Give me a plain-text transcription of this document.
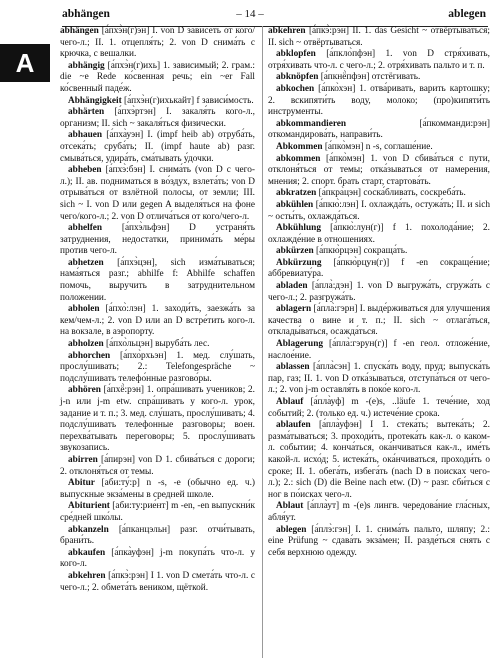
abhängen	– 14 –	ablegen
A
abhängen [а́пхэ̀н(г)эн] I. von D зависеть от кого/чего-л.; II. 1. отцепля́ть; 2. von D снима́ть с крючка, с вешалки.
abhängig [а́пхэ̀н(г)ихь] 1. зависимый; 2. грам.: die ~e Rede ко́свенная речь; ein ~er Fall ко́свенный паде́ж.
Abhängigkeit [а́пхэ̀н(г)ихькайт] f зависи́мость.
abhärten [а́пхэ̀ртэн] I. закаля́ть кого-л., организм; II. sich ~ закаля́ться физически.
abhauen [а́пха̀уэн] I. (impf heib ab) отруба́ть, отсека́ть; сруба́ть; II. (impf haute ab) разг. смыва́ться, удира́ть, сма́тывать у́дочки.
abheben [а́пхэ̀:бэн] I. снима́ть (von D с чего-л.); II. ав. подниматься в во́здух, взлета́ть; von D отрыва́ться от взлётной полосы, от земли; III. sich ~ I. von D или gegen A выделя́ться на фоне чего/кого-л.; 2. von D отлича́ться от кого/чего-л.
abhelfen [а́пхэ̀льфэн] D устраня́ть затруднения, недостатки, принима́ть ме́ры против чего-л.
abhetzen [а́пхэ̀цэн], sich изма́тываться; нама́яться разг.; abhilfe f: Abhilfe schaffen помочь, выручить в затруднительном положении.
abholen [а́пхо̀:лэн] 1. заходи́ть, заезжа́ть за кем/чем-л.; 2. von D или an D встре́тить кого-л. на вокзале, в аэропорту.
abholzen [а́пхо̀льцэн] выруба́ть лес.
abhorchen [а́пхо̀рхьэн] 1. мед. слу́шать, прослу́шивать; 2.: Telefongespräche ~ подслу́шивать телефо́нные разгово́ры.
abhören [а́пхё̀:рэн] 1. опра́шивать учеников; 2. j-n или j-m etw. спра́шивать у кого-л. урок, задание и т. п.; 3. мед. слу́шать, прослу́шивать; 4. подслу́шивать телефонные разговоры; воен. перехва́тывать переговоры; 5. прослу́шивать звукозапись.
abirren [а́пирэн] von D 1. сбива́ться с дороги; 2. отклоня́ться от темы.
Abitur [аби:ту́:р] n -s, -e (обычно ед. ч.) выпускные экза́мены в средней школе.
Abiturient [аби:ту:рие́нт] m -en, -en выпускни́к сре́дней шко́лы.
abkanzeln [а́пканцэльн] разг. отчи́тывать, брани́ть.
abkaufen [а́пка̀уфэн] j-m покупа́ть что-л. у кого-л.
abkehren [а́пкэ̀:рэн] I 1. von D смета́ть что-л. с чего-л.; 2. обмета́ть веником, щёткой.
abkehren [а́пкэ̀:рэн] II. 1. das Gesicht ~ отвёртываться; II. sich ~ отвёртываться.
abklopfen [а́пкло̀пфэн] 1. von D стря́хивать, отря́хивать что-л. с чего-л.; 2. отря́хивать пальто и т. п.
abknöpfen [а́пкнё̀пфэн] отстёгивать.
abkochen [а́пко̀хэн] 1. отва́ривать, варить картошку; 2. вскипяти́ть воду, молоко; (про)кипяти́ть инструменты.
abkommandieren [а́пкомманди:рэн] откомандирова́ть, направи́ть.
Abkommen [а́пко̀мэн] n -s, соглаше́ние.
abkommen [а́пко̀мэн] 1. von D сбива́ться с пути, отклоня́ться от темы; отка́зываться от намерения, мнения; 2. спорт. брать старт, стартова́ть.
abkratzen [а́пкра̀цэн] соска́бливать, соскреба́ть.
abkühlen [а́пкю̀:лэн] I. охлажда́ть, остужа́ть; II. и sich ~ осты́ть, охлажда́ться.
Abkühlung [а́пкю̀:лун(г)] f 1. похолода́ние; 2. охлажде́ние в отношениях.
abkürzen [а́пкю̀рцэн] сокраща́ть.
Abkürzung [а́пкю̀рцун(г)] f -en сокраще́ние; аббревиату́ра.
abladen [а́пла̀:дэн] 1. von D выгружа́ть, сгружа́ть с чего-л.; 2. разгружа́ть.
ablagern [а́пла̀:гэрн] I. выде́рживаться для улучшения качества о вине и т. п.; II. sich ~ отлага́ться, отклады́ваться, осажда́ться.
Ablagerung [а́пла̀:гэрун(г)] f -en геол. отложе́ние, наслое́ние.
ablassen [а́пла̀сэн] 1. спуска́ть воду, пруд; выпуска́ть пар, газ; II. 1. von D отка́зываться, отступа́ться от чего-л.; 2. von j-m оставля́ть в поко́е кого-л.
Ablauf [а́пла̀уф] m -(e)s, ..läufe 1. тече́ние, ход событий; 2. (только ед. ч.) истече́ние срока.
ablaufen [а́пла̀уфэн] I 1. стека́ть; вытека́ть; 2. разма́тываться; 3. проходи́ть, протека́ть как-л. о каком-л. событии; 4. конча́ться, ока́нчиваться как-л., име́ть какой-л. исхо́д; 5. истека́ть, ока́нчиваться, проходи́ть о сроке; II. 1. обега́ть, избега́ть (nach D в поисках чего-л.); 2.: sich (D) die Beine nach etw. (D) ~ разг. сби́ться с ног в по́исках чего-л.
Ablaut [а́пла̀ут] m -(e)s лингв. чередова́ние гла́сных, абля́ут.
ablegen [а́плэ̀:гэн] I. 1. снима́ть пальто, шляпу; 2.: eine Prüfung ~ сдава́ть экза́мен; II. разде́ться снять с себя верхнюю одежду.
